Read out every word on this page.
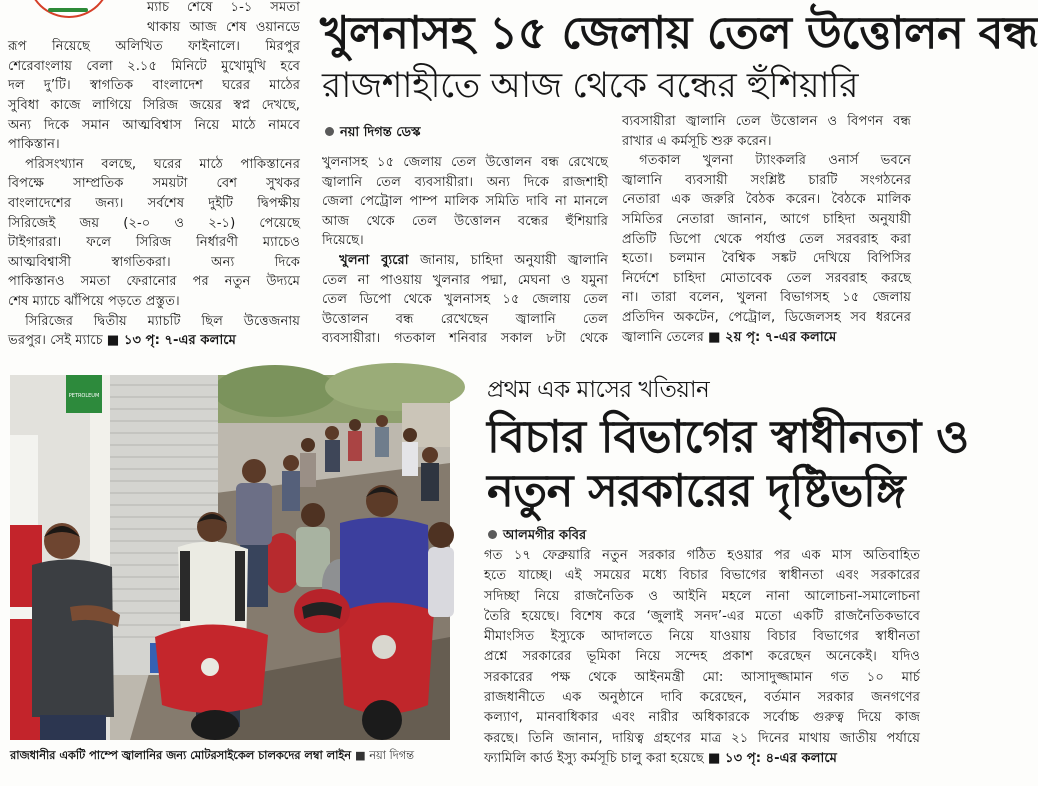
ম্যাচ শেষে ১-১ সমতা
থাকায় আজ শেষ ওয়ানডে
রূপ নিয়েছে অলিখিত ফাইনালে। মিরপুর
শেরেবাংলায় বেলা ২.১৫ মিনিটে মুখোমুখি হবে
দল দু’টি। স্বাগতিক বাংলাদেশ ঘরের মাঠের
সুবিধা কাজে লাগিয়ে সিরিজ জয়ের স্বপ্ন দেখছে,
অন্য দিকে সমান আত্মবিশ্বাস নিয়ে মাঠে নামবে
পাকিস্তান।
পরিসংখ্যান বলছে, ঘরের মাঠে পাকিস্তানের
বিপক্ষে সাম্প্রতিক সময়টা বেশ সুখকর
বাংলাদেশের জন্য। সর্বশেষ দুইটি দ্বিপক্ষীয়
সিরিজেই জয় (২-০ ও ২-১) পেয়েছে
টাইগাররা। ফলে সিরিজ নির্ধারণী ম্যাচেও
আত্মবিশ্বাসী স্বাগতিকরা। অন্য দিকে
পাকিস্তানও সমতা ফেরানোর পর নতুন উদ্যমে
শেষ ম্যাচে ঝাঁপিয়ে পড়তে প্রস্তুত।
সিরিজের দ্বিতীয় ম্যাচটি ছিল উত্তেজনায়
ভরপুর। সেই ম্যাচে ■ ১৩ পৃ: ৭-এর কলামে
খুলনাসহ ১৫ জেলায় তেল উত্তোলন বন্ধ
রাজশাহীতে আজ থেকে বন্ধের হুঁশিয়ারি
নয়া দিগন্ত ডেস্ক
খুলনাসহ ১৫ জেলায় তেল উত্তোলন বন্ধ রেখেছে
জ্বালানি তেল ব্যবসায়ীরা। অন্য দিকে রাজশাহী
জেলা পেট্রোল পাম্প মালিক সমিতি দাবি না মানলে
আজ থেকে তেল উত্তোলন বন্ধের হুঁশিয়ারি
দিয়েছে।
খুলনা ব্যুরো জানায়, চাহিদা অনুযায়ী জ্বালানি
তেল না পাওয়ায় খুলনার পদ্মা, মেঘনা ও যমুনা
তেল ডিপো থেকে খুলনাসহ ১৫ জেলায় তেল
উত্তোলন বন্ধ রেখেছেন জ্বালানি তেল
ব্যবসায়ীরা। গতকাল শনিবার সকাল ৮টা থেকে
ব্যবসায়ীরা জ্বালানি তেল উত্তোলন ও বিপণন বন্ধ
রাখার এ কর্মসূচি শুরু করেন।
গতকাল খুলনা ট্যাংকলরি ওনার্স ভবনে
জ্বালানি ব্যবসায়ী সংশ্লিষ্ট চারটি সংগঠনের
নেতারা এক জরুরি বৈঠক করেন। বৈঠকে মালিক
সমিতির নেতারা জানান, আগে চাহিদা অনুযায়ী
প্রতিটি ডিপো থেকে পর্যাপ্ত তেল সরবরাহ করা
হতো। চলমান বৈশ্বিক সঙ্কট দেখিয়ে বিপিসির
নির্দেশে চাহিদা মোতাবেক তেল সরবরাহ করছে
না। তারা বলেন, খুলনা বিভাগসহ ১৫ জেলায়
প্রতিদিন অকটেন, পেট্রোল, ডিজেলসহ সব ধরনের
জ্বালানি তেলের ■ ২য় পৃ: ৭-এর কলামে
PETROLEUM
রাজধানীর একটি পাম্পে জ্বালানির জন্য মোটরসাইকেল চালকদের লম্বা লাইন ■ নয়া দিগন্ত
প্রথম এক মাসের খতিয়ান
বিচার বিভাগের স্বাধীনতা ও
নতুন সরকারের দৃষ্টিভঙ্গি
আলমগীর কবির
গত ১৭ ফেব্রুয়ারি নতুন সরকার গঠিত হওয়ার পর এক মাস অতিবাহিত
হতে যাচ্ছে। এই সময়ের মধ্যে বিচার বিভাগের স্বাধীনতা এবং সরকারের
সদিচ্ছা নিয়ে রাজনৈতিক ও আইনি মহলে নানা আলোচনা-সমালোচনা
তৈরি হয়েছে। বিশেষ করে ‘জুলাই সনদ’-এর মতো একটি রাজনৈতিকভাবে
মীমাংসিত ইস্যুকে আদালতে নিয়ে যাওয়ায় বিচার বিভাগের স্বাধীনতা
প্রশ্নে সরকারের ভূমিকা নিয়ে সন্দেহ প্রকাশ করেছেন অনেকেই। যদিও
সরকারের পক্ষ থেকে আইনমন্ত্রী মো: আসাদুজ্জামান গত ১০ মার্চ
রাজধানীতে এক অনুষ্ঠানে দাবি করেছেন, বর্তমান সরকার জনগণের
কল্যাণ, মানবাধিকার এবং নারীর অধিকারকে সর্বোচ্চ গুরুত্ব দিয়ে কাজ
করছে। তিনি জানান, দায়িত্ব গ্রহণের মাত্র ২১ দিনের মাথায় জাতীয় পর্যায়ে
ফ্যামিলি কার্ড ইস্যু কর্মসূচি চালু করা হয়েছে ■ ১৩ পৃ: ৪-এর কলামে
